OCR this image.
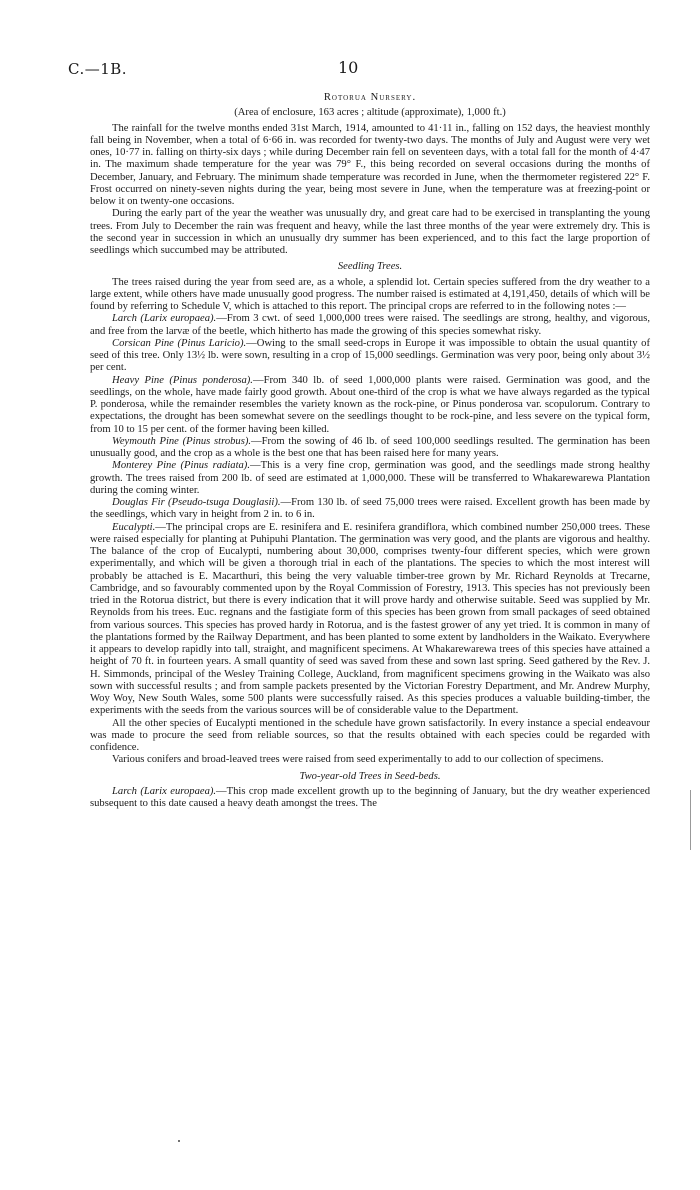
C.—1B.	10
Rotorua Nursery.
(Area of enclosure, 163 acres ; altitude (approximate), 1,000 ft.)

The rainfall for the twelve months ended 31st March, 1914, amounted to 41·11 in., falling on 152 days, the heaviest monthly fall being in November, when a total of 6·66 in. was recorded for twenty-two days. The months of July and August were very wet ones, 10·77 in. falling on thirty-six days ; while during December rain fell on seventeen days, with a total fall for the month of 4·47 in. The maximum shade temperature for the year was 79° F., this being recorded on several occasions during the months of December, January, and February. The minimum shade temperature was recorded in June, when the thermometer registered 22° F. Frost occurred on ninety-seven nights during the year, being most severe in June, when the temperature was at freezing-point or below it on twenty-one occasions.

During the early part of the year the weather was unusually dry, and great care had to be exercised in transplanting the young trees. From July to December the rain was frequent and heavy, while the last three months of the year were extremely dry. This is the second year in succession in which an unusually dry summer has been experienced, and to this fact the large proportion of seedlings which succumbed may be attributed.

Seedling Trees.

The trees raised during the year from seed are, as a whole, a splendid lot. Certain species suffered from the dry weather to a large extent, while others have made unusually good progress. The number raised is estimated at 4,191,450, details of which will be found by referring to Schedule V, which is attached to this report. The principal crops are referred to in the following notes :—

Larch (Larix europaea).—From 3 cwt. of seed 1,000,000 trees were raised. The seedlings are strong, healthy, and vigorous, and free from the larvæ of the beetle, which hitherto has made the growing of this species somewhat risky.

Corsican Pine (Pinus Laricio).—Owing to the small seed-crops in Europe it was impossible to obtain the usual quantity of seed of this tree. Only 13½ lb. were sown, resulting in a crop of 15,000 seedlings. Germination was very poor, being only about 3½ per cent.

Heavy Pine (Pinus ponderosa).—From 340 lb. of seed 1,000,000 plants were raised. Germination was good, and the seedlings, on the whole, have made fairly good growth. About one-third of the crop is what we have always regarded as the typical P. ponderosa, while the remainder resembles the variety known as the rock-pine, or Pinus ponderosa var. scopulorum. Contrary to expectations, the drought has been somewhat severe on the seedlings thought to be rock-pine, and less severe on the typical form, from 10 to 15 per cent. of the former having been killed.

Weymouth Pine (Pinus strobus).—From the sowing of 46 lb. of seed 100,000 seedlings resulted. The germination has been unusually good, and the crop as a whole is the best one that has been raised here for many years.

Monterey Pine (Pinus radiata).—This is a very fine crop, germination was good, and the seedlings made strong healthy growth. The trees raised from 200 lb. of seed are estimated at 1,000,000. These will be transferred to Whakarewarewa Plantation during the coming winter.

Douglas Fir (Pseudo-tsuga Douglasii).—From 130 lb. of seed 75,000 trees were raised. Excellent growth has been made by the seedlings, which vary in height from 2 in. to 6 in.

Eucalypti.—The principal crops are E. resinifera and E. resinifera grandiflora, which combined number 250,000 trees. These were raised especially for planting at Puhipuhi Plantation. The germination was very good, and the plants are vigorous and healthy. The balance of the crop of Eucalypti, numbering about 30,000, comprises twenty-four different species, which were grown experimentally, and which will be given a thorough trial in each of the plantations. The species to which the most interest will probably be attached is E. Macarthuri, this being the very valuable timber-tree grown by Mr. Richard Reynolds at Trecarne, Cambridge, and so favourably commented upon by the Royal Commission of Forestry, 1913. This species has not previously been tried in the Rotorua district, but there is every indication that it will prove hardy and otherwise suitable. Seed was supplied by Mr. Reynolds from his trees. Euc. regnans and the fastigiate form of this species has been grown from small packages of seed obtained from various sources. This species has proved hardy in Rotorua, and is the fastest grower of any yet tried. It is common in many of the plantations formed by the Railway Department, and has been planted to some extent by landholders in the Waikato. Everywhere it appears to develop rapidly into tall, straight, and magnificent specimens. At Whakarewarewa trees of this species have attained a height of 70 ft. in fourteen years. A small quantity of seed was saved from these and sown last spring. Seed gathered by the Rev. J. H. Simmonds, principal of the Wesley Training College, Auckland, from magnificent specimens growing in the Waikato was also sown with successful results ; and from sample packets presented by the Victorian Forestry Department, and Mr. Andrew Murphy, Woy Woy, New South Wales, some 500 plants were successfully raised. As this species produces a valuable building-timber, the experiments with the seeds from the various sources will be of considerable value to the Department.

All the other species of Eucalypti mentioned in the schedule have grown satisfactorily. In every instance a special endeavour was made to procure the seed from reliable sources, so that the results obtained with each species could be regarded with confidence.

Various conifers and broad-leaved trees were raised from seed experimentally to add to our collection of specimens.

Two-year-old Trees in Seed-beds.

Larch (Larix europaea).—This crop made excellent growth up to the beginning of January, but the dry weather experienced subsequent to this date caused a heavy death amongst the trees. The
